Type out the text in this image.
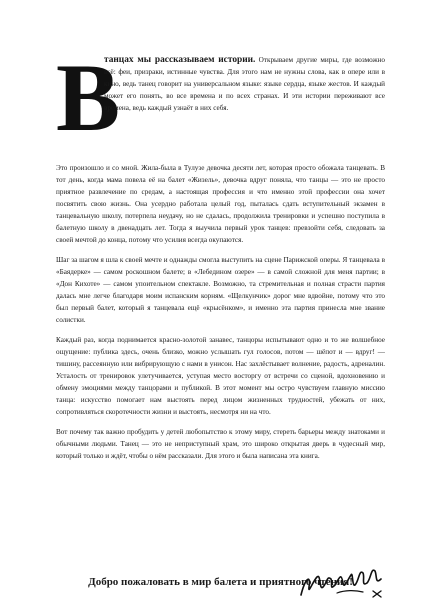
В
танцах мы рассказываем истории. Открываем другие миры, где возможно всё: феи, призраки, истинные чувства. Для этого нам не нужны слова, как в опере или в кино, ведь танец говорит на универсальном языке: языке сердца, языке жестов. И каждый может его понять, во все времена и по всех странах. И эти истории переживают все времена, ведь каждый узнаёт в них себя.

Это произошло и со мной. Жила-была в Тулузе девочка десяти лет, которая просто обожала танцевать. В тот день, когда мама повела её на балет «Жизель», девочка вдруг поняла, что танцы — это не просто приятное развлечение по средам, а настоящая профессия и что именно этой профессии она хочет посвятить свою жизнь. Она усердно работала целый год, пыталась сдать вступительный экзамен в танцевальную школу, потерпела неудачу, но не сдалась, продолжила тренировки и успешно поступила в балетную школу в двенадцать лет. Тогда я выучила первый урок танцев: превзойти себя, следовать за своей мечтой до конца, потому что усилия всегда окупаются.

Шаг за шагом я шла к своей мечте и однажды смогла выступить на сцене Парижской оперы. Я танцевала в «Баядерке» — самом роскошном балете; в «Лебедином озере» — в самой сложной для меня партии; в «Дон Кихоте» — самом упоительном спектакле. Возможно, та стремительная и полная страсти партия далась мне легче благодаря моим испанским корням. «Щелкунчик» дорог мне вдвойне, потому что это был первый балет, который я танцевала ещё «крысёнком», и именно эта партия принесла мне звание солистки.

Каждый раз, когда поднимается красно-золотой занавес, танцоры испытывают одно и то же волшебное ощущение: публика здесь, очень близко, можно услышать гул голосов, потом — шёпот и — вдруг! — тишину, рассеянную или вибрирующую с нами в унисон. Нас захлёстывает волнение, радость, адреналин. Усталость от тренировок улетучивается, уступая место восторгу от встречи со сценой, вдохновению и обмену эмоциями между танцорами и публикой. В этот момент мы остро чувствуем главную миссию танца: искусство помогает нам выстоять перед лицом жизненных трудностей, убежать от них, сопротивляться скоротечности жизни и выстоять, несмотря ни на что.

Вот почему так важно пробудить у детей любопытство к этому миру, стереть барьеры между знатоками и обычными людьми. Танец — это не неприступный храм, это широко открытая дверь в чудесный мир, который только и ждёт, чтобы о нём рассказали. Для этого и была написана эта книга.

Добро пожаловать в мир балета и приятного чтения!
